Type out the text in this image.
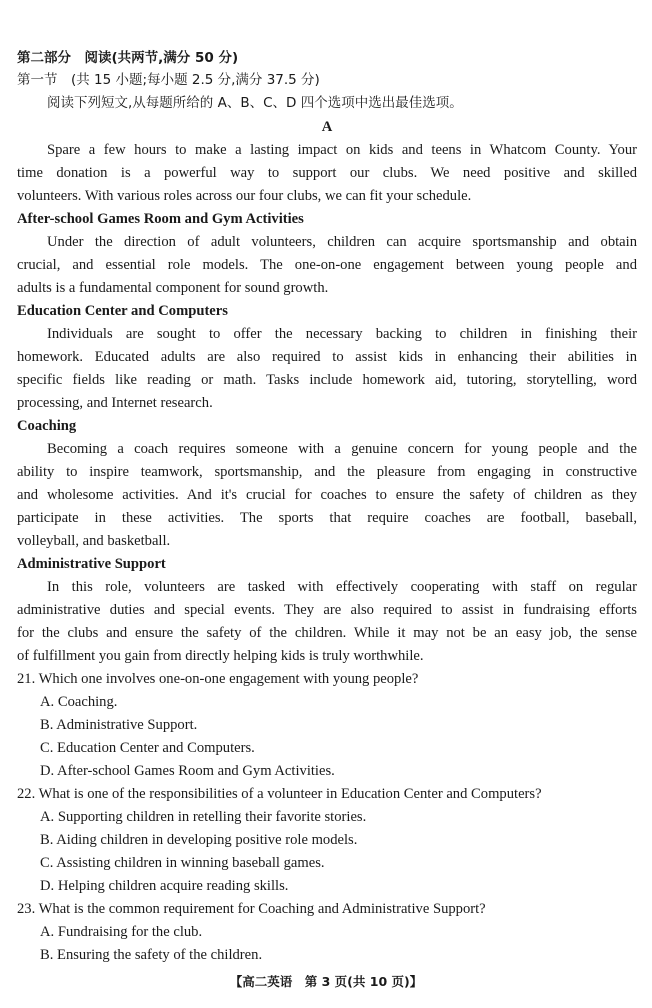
第二部分　阅读(共两节,满分 50 分)
第一节　(共 15 小题;每小题 2.5 分,满分 37.5 分)
阅读下列短文,从每题所给的 A、B、C、D 四个选项中选出最佳选项。
A
Spare a few hours to make a lasting impact on kids and teens in Whatcom County. Your
time donation is a powerful way to support our clubs. We need positive and skilled
volunteers. With various roles across our four clubs, we can fit your schedule.
After-school Games Room and Gym Activities
Under the direction of adult volunteers, children can acquire sportsmanship and obtain
crucial, and essential role models. The one-on-one engagement between young people and
adults is a fundamental component for sound growth.
Education Center and Computers
Individuals are sought to offer the necessary backing to children in finishing their
homework. Educated adults are also required to assist kids in enhancing their abilities in
specific fields like reading or math. Tasks include homework aid, tutoring, storytelling, word
processing, and Internet research.
Coaching
Becoming a coach requires someone with a genuine concern for young people and the
ability to inspire teamwork, sportsmanship, and the pleasure from engaging in constructive
and wholesome activities. And it's crucial for coaches to ensure the safety of children as they
participate in these activities. The sports that require coaches are football, baseball,
volleyball, and basketball.
Administrative Support
In this role, volunteers are tasked with effectively cooperating with staff on regular
administrative duties and special events. They are also required to assist in fundraising efforts
for the clubs and ensure the safety of the children. While it may not be an easy job, the sense
of fulfillment you gain from directly helping kids is truly worthwhile.
21. Which one involves one-on-one engagement with young people?
A. Coaching.
B. Administrative Support.
C. Education Center and Computers.
D. After-school Games Room and Gym Activities.
22. What is one of the responsibilities of a volunteer in Education Center and Computers?
A. Supporting children in retelling their favorite stories.
B. Aiding children in developing positive role models.
C. Assisting children in winning baseball games.
D. Helping children acquire reading skills.
23. What is the common requirement for Coaching and Administrative Support?
A. Fundraising for the club.
B. Ensuring the safety of the children.
【高二英语　第 3 页(共 10 页)】
